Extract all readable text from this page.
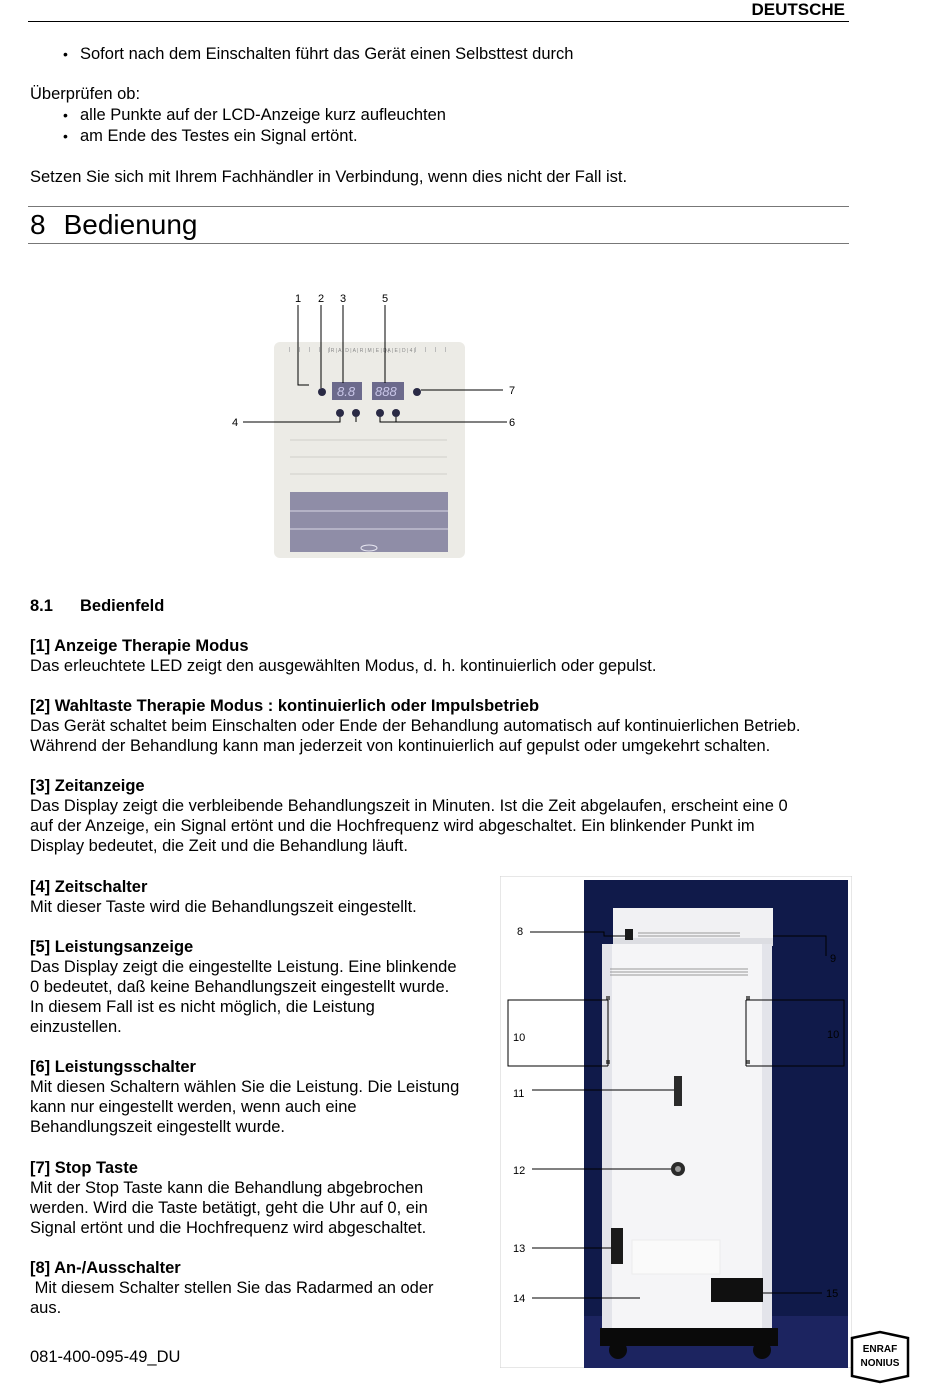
DEUTSCHE
• Sofort nach dem Einschalten führt das Gerät einen Selbsttest durch
Überprüfen ob:
• alle Punkte auf der LCD-Anzeige kurz aufleuchten
• am Ende des Testes ein Signal ertönt.
Setzen Sie sich mit Ihrem Fachhändler in Verbindung, wenn dies nicht der Fall ist.
8 Bedienung
| R | A | D | A | R | M | E | D |
| A | E | D | 4 |
8.8 888
1 2 3
4
5
6
7
8.1 Bedienfeld
[1] Anzeige Therapie Modus
Das erleuchtete LED zeigt den ausgewählten Modus, d. h. kontinuierlich oder gepulst.
[2] Wahltaste Therapie Modus : kontinuierlich oder Impulsbetrieb
Das Gerät schaltet beim Einschalten oder Ende der Behandlung automatisch auf kontinuierlichen Betrieb.
Während der Behandlung kann man jederzeit von kontinuierlich auf gepulst oder umgekehrt schalten.
[3] Zeitanzeige
Das Display zeigt die verbleibende Behandlungszeit in Minuten. Ist die Zeit abgelaufen, erscheint eine 0
auf der Anzeige, ein Signal ertönt und die Hochfrequenz wird abgeschaltet. Ein blinkender Punkt im
Display bedeutet, die Zeit und die Behandlung läuft.
[4] Zeitschalter
Mit dieser Taste wird die Behandlungszeit eingestellt.
[5] Leistungsanzeige
Das Display zeigt die eingestellte Leistung. Eine blinkende
0 bedeutet, daß keine Behandlungszeit eingestellt wurde.
In diesem Fall ist es nicht möglich, die Leistung
einzustellen.
[6] Leistungsschalter
Mit diesen Schaltern wählen Sie die Leistung. Die Leistung
kann nur eingestellt werden, wenn auch eine
Behandlungszeit eingestellt wurde.
[7] Stop Taste
Mit der Stop Taste kann die Behandlung abgebrochen
werden. Wird die Taste betätigt, geht die Uhr auf 0, ein
Signal ertönt und die Hochfrequenz wird abgeschaltet.
[8] An-/Ausschalter
Mit diesem Schalter stellen Sie das Radarmed an oder
aus.
8
9
10	10
11
12
13
14	15
081-400-095-49_DU	ENRAF
NONIUS
